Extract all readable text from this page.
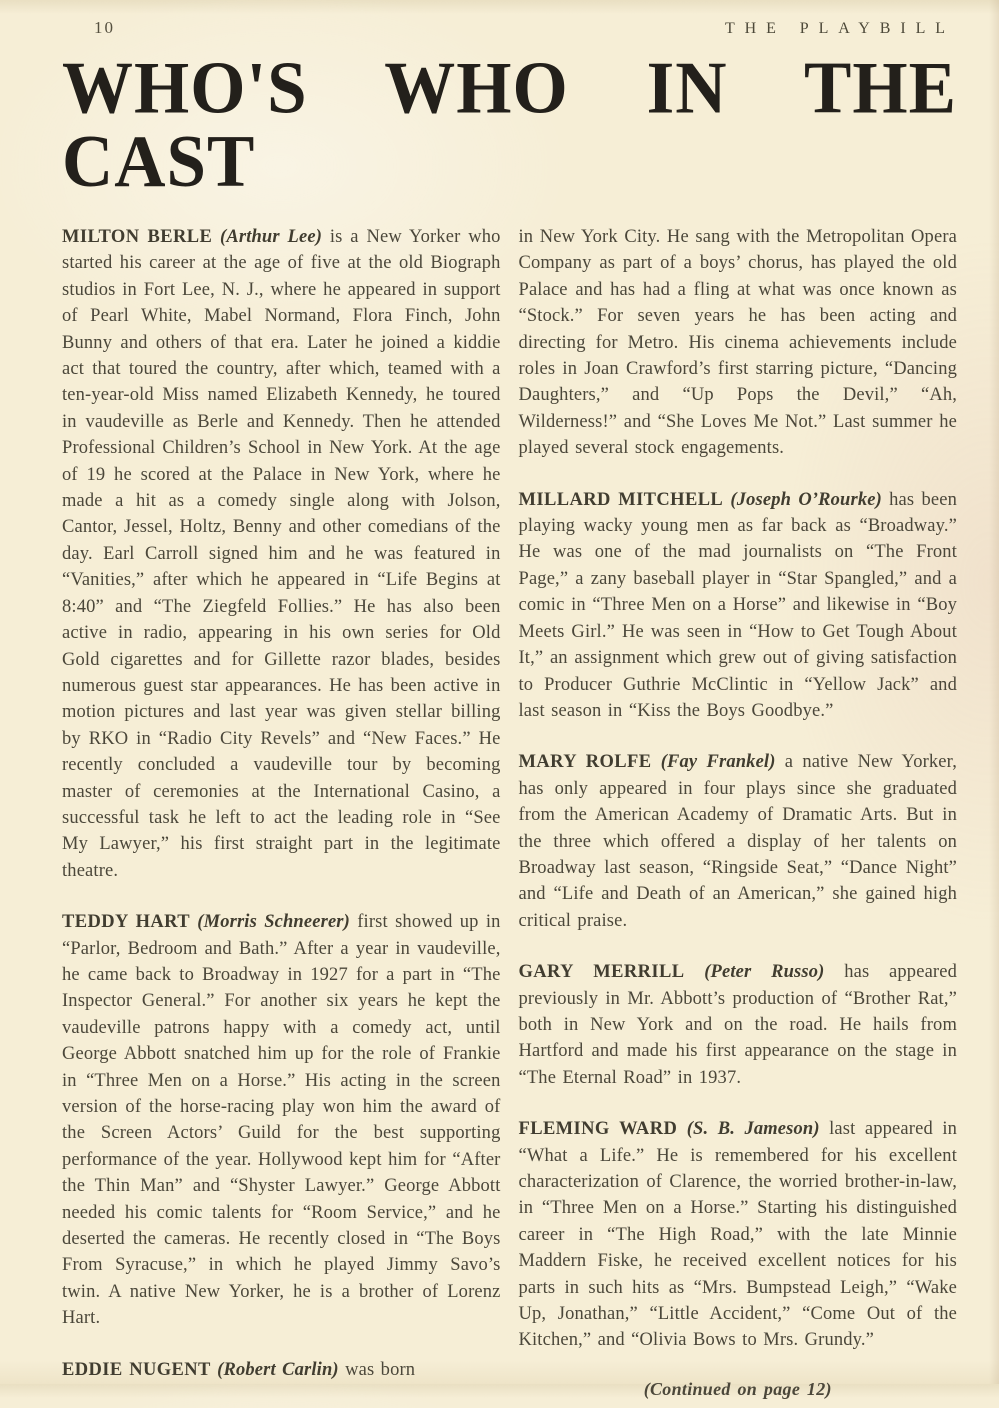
10	THE PLAYBILL
WHO'S WHO IN THE CAST

MILTON BERLE (Arthur Lee) is a New Yorker who started his career at the age of five at the old Biograph studios in Fort Lee, N. J., where he appeared in support of Pearl White, Mabel Normand, Flora Finch, John Bunny and others of that era. Later he joined a kiddie act that toured the country, after which, teamed with a ten-year-old Miss named Elizabeth Kennedy, he toured in vaudeville as Berle and Kennedy. Then he attended Professional Children’s School in New York. At the age of 19 he scored at the Palace in New York, where he made a hit as a comedy single along with Jolson, Cantor, Jessel, Holtz, Benny and other comedians of the day. Earl Carroll signed him and he was featured in “Vanities,” after which he appeared in “Life Begins at 8:40” and “The Ziegfeld Follies.” He has also been active in radio, appearing in his own series for Old Gold cigarettes and for Gillette razor blades, besides numerous guest star appearances. He has been active in motion pictures and last year was given stellar billing by RKO in “Radio City Revels” and “New Faces.” He recently concluded a vaudeville tour by becoming master of ceremonies at the International Casino, a successful task he left to act the leading role in “See My Lawyer,” his first straight part in the legitimate theatre.

TEDDY HART (Morris Schneerer) first showed up in “Parlor, Bedroom and Bath.” After a year in vaudeville, he came back to Broadway in 1927 for a part in “The Inspector General.” For another six years he kept the vaudeville patrons happy with a comedy act, until George Abbott snatched him up for the role of Frankie in “Three Men on a Horse.” His acting in the screen version of the horse-racing play won him the award of the Screen Actors’ Guild for the best supporting performance of the year. Hollywood kept him for “After the Thin Man” and “Shyster Lawyer.” George Abbott needed his comic talents for “Room Service,” and he deserted the cameras. He recently closed in “The Boys From Syracuse,” in which he played Jimmy Savo’s twin. A native New Yorker, he is a brother of Lorenz Hart.

EDDIE NUGENT (Robert Carlin) was born

in New York City. He sang with the Metropolitan Opera Company as part of a boys’ chorus, has played the old Palace and has had a fling at what was once known as “Stock.” For seven years he has been acting and directing for Metro. His cinema achievements include roles in Joan Crawford’s first starring picture, “Dancing Daughters,” and “Up Pops the Devil,” “Ah, Wilderness!” and “She Loves Me Not.” Last summer he played several stock engagements.

MILLARD MITCHELL (Joseph O’Rourke) has been playing wacky young men as far back as “Broadway.” He was one of the mad journalists on “The Front Page,” a zany baseball player in “Star Spangled,” and a comic in “Three Men on a Horse” and likewise in “Boy Meets Girl.” He was seen in “How to Get Tough About It,” an assignment which grew out of giving satisfaction to Producer Guthrie McClintic in “Yellow Jack” and last season in “Kiss the Boys Goodbye.”

MARY ROLFE (Fay Frankel) a native New Yorker, has only appeared in four plays since she graduated from the American Academy of Dramatic Arts. But in the three which offered a display of her talents on Broadway last season, “Ringside Seat,” “Dance Night” and “Life and Death of an American,” she gained high critical praise.

GARY MERRILL (Peter Russo) has appeared previously in Mr. Abbott’s production of “Brother Rat,” both in New York and on the road. He hails from Hartford and made his first appearance on the stage in “The Eternal Road” in 1937.

FLEMING WARD (S. B. Jameson) last appeared in “What a Life.” He is remembered for his excellent characterization of Clarence, the worried brother-in-law, in “Three Men on a Horse.” Starting his distinguished career in “The High Road,” with the late Minnie Maddern Fiske, he received excellent notices for his parts in such hits as “Mrs. Bumpstead Leigh,” “Wake Up, Jonathan,” “Little Accident,” “Come Out of the Kitchen,” and “Olivia Bows to Mrs. Grundy.”

(Continued on page 12)
